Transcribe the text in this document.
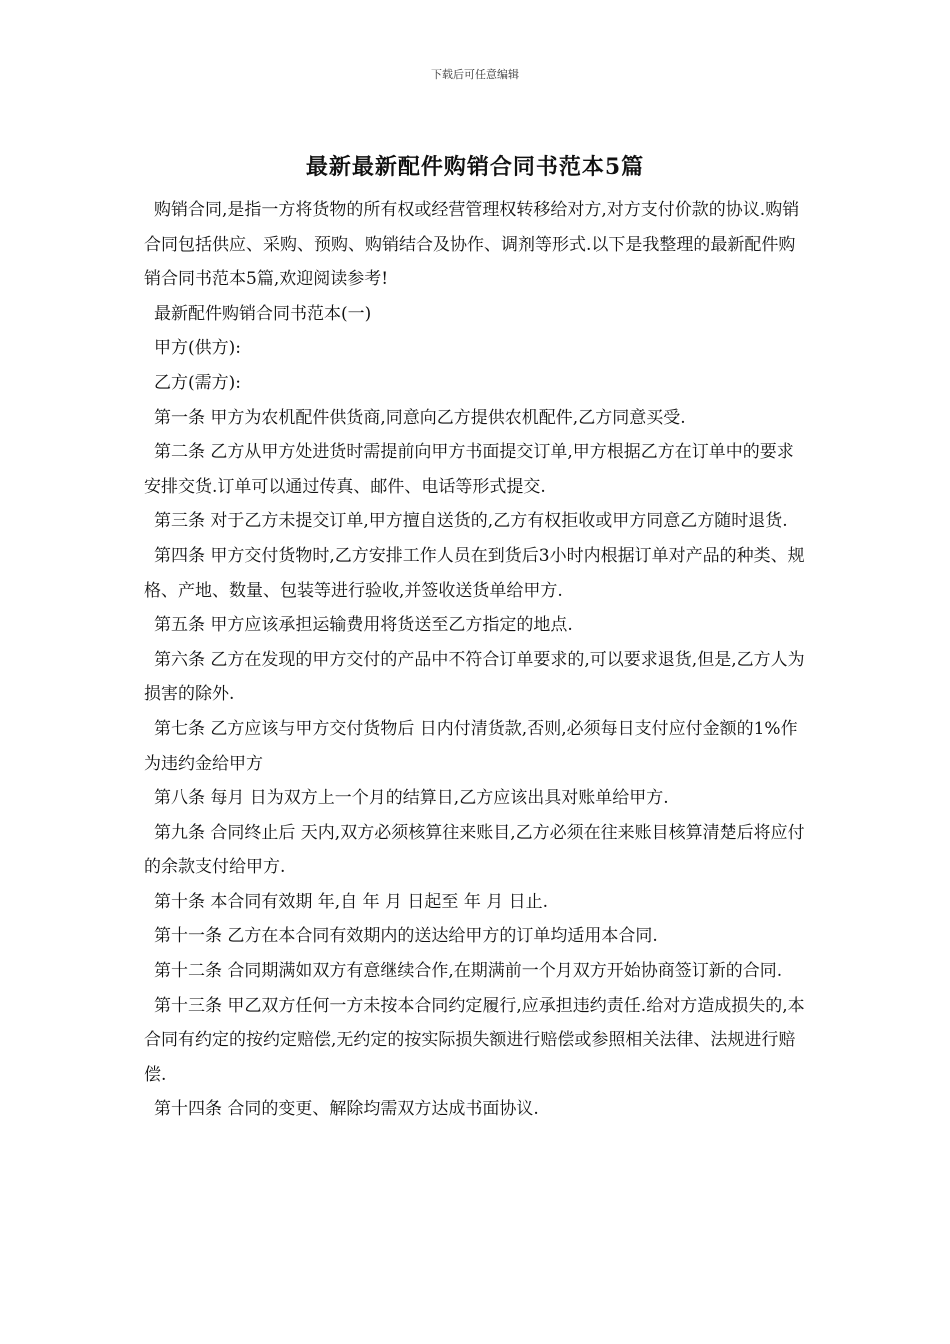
下载后可任意编辑
最新最新配件购销合同书范本5篇

购销合同,是指一方将货物的所有权或经营管理权转移给对方,对方支付价款的协议.购销合同包括供应、采购、预购、购销结合及协作、调剂等形式.以下是我整理的最新配件购销合同书范本5篇,欢迎阅读参考!

最新配件购销合同书范本(一)

甲方(供方):

乙方(需方):

第一条 甲方为农机配件供货商,同意向乙方提供农机配件,乙方同意买受.

第二条 乙方从甲方处进货时需提前向甲方书面提交订单,甲方根据乙方在订单中的要求安排交货.订单可以通过传真、邮件、电话等形式提交.

第三条 对于乙方未提交订单,甲方擅自送货的,乙方有权拒收或甲方同意乙方随时退货.

第四条 甲方交付货物时,乙方安排工作人员在到货后3小时内根据订单对产品的种类、规格、产地、数量、包装等进行验收,并签收送货单给甲方.

第五条 甲方应该承担运输费用将货送至乙方指定的地点.

第六条 乙方在发现的甲方交付的产品中不符合订单要求的,可以要求退货,但是,乙方人为损害的除外.

第七条 乙方应该与甲方交付货物后 日内付清货款,否则,必须每日支付应付金额的1%作为违约金给甲方

第八条 每月 日为双方上一个月的结算日,乙方应该出具对账单给甲方.

第九条 合同终止后 天内,双方必须核算往来账目,乙方必须在往来账目核算清楚后将应付的余款支付给甲方.

第十条 本合同有效期 年,自 年 月 日起至 年 月 日止.

第十一条 乙方在本合同有效期内的送达给甲方的订单均适用本合同.

第十二条 合同期满如双方有意继续合作,在期满前一个月双方开始协商签订新的合同.

第十三条 甲乙双方任何一方未按本合同约定履行,应承担违约责任.给对方造成损失的,本合同有约定的按约定赔偿,无约定的按实际损失额进行赔偿或参照相关法律、法规进行赔偿.

第十四条 合同的变更、解除均需双方达成书面协议.
